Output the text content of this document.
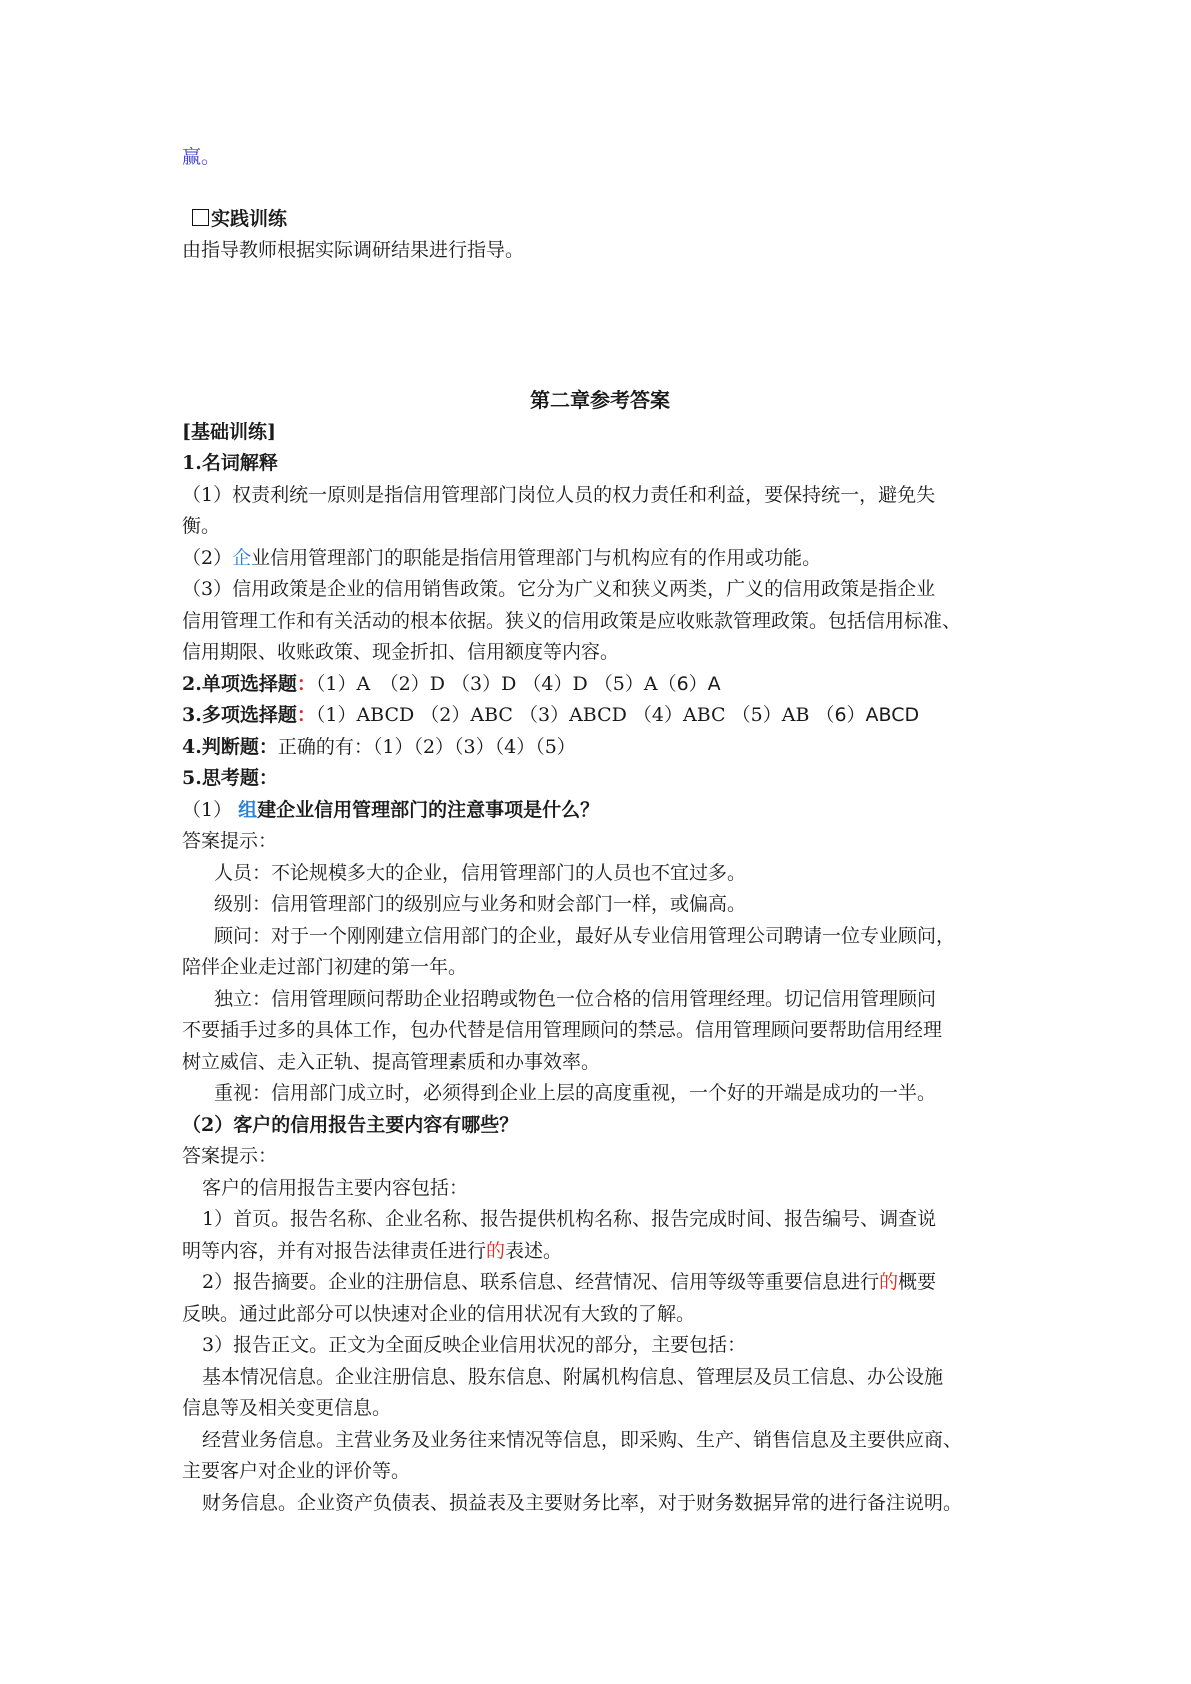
赢。
实践训练
由指导教师根据实际调研结果进行指导。
第二章参考答案
[基础训练]
1.名词解释
（1）权责利统一原则是指信用管理部门岗位人员的权力责任和利益，要保持统一，避免失
衡。
（2）企业信用管理部门的职能是指信用管理部门与机构应有的作用或功能。
（3）信用政策是企业的信用销售政策。它分为广义和狭义两类，广义的信用政策是指企业
信用管理工作和有关活动的根本依据。狭义的信用政策是应收账款管理政策。包括信用标准、
信用期限、收账政策、现金折扣、信用额度等内容。
2.单项选择题：（1）A　（2）D （3）D （4）D （5）A（6）A
3.多项选择题：（1）ABCD （2）ABC （3）ABCD （4）ABC （5）AB （6）ABCD
4.判断题：正确的有：（1）（2）（3）（4）（5）
5.思考题：
（1） 组建企业信用管理部门的注意事项是什么？
答案提示：
人员：不论规模多大的企业，信用管理部门的人员也不宜过多。
级别：信用管理部门的级别应与业务和财会部门一样，或偏高。
顾问：对于一个刚刚建立信用部门的企业，最好从专业信用管理公司聘请一位专业顾问，
陪伴企业走过部门初建的第一年。
独立：信用管理顾问帮助企业招聘或物色一位合格的信用管理经理。切记信用管理顾问
不要插手过多的具体工作，包办代替是信用管理顾问的禁忌。信用管理顾问要帮助信用经理
树立威信、走入正轨、提高管理素质和办事效率。
重视：信用部门成立时，必须得到企业上层的高度重视，一个好的开端是成功的一半。
（2）客户的信用报告主要内容有哪些？
答案提示：
客户的信用报告主要内容包括：
1）首页。报告名称、企业名称、报告提供机构名称、报告完成时间、报告编号、调查说
明等内容，并有对报告法律责任进行的表述。
2）报告摘要。企业的注册信息、联系信息、经营情况、信用等级等重要信息进行的概要
反映。通过此部分可以快速对企业的信用状况有大致的了解。
3）报告正文。正文为全面反映企业信用状况的部分，主要包括：
基本情况信息。企业注册信息、股东信息、附属机构信息、管理层及员工信息、办公设施
信息等及相关变更信息。
经营业务信息。主营业务及业务往来情况等信息，即采购、生产、销售信息及主要供应商、
主要客户对企业的评价等。
财务信息。企业资产负债表、损益表及主要财务比率，对于财务数据异常的进行备注说明。
